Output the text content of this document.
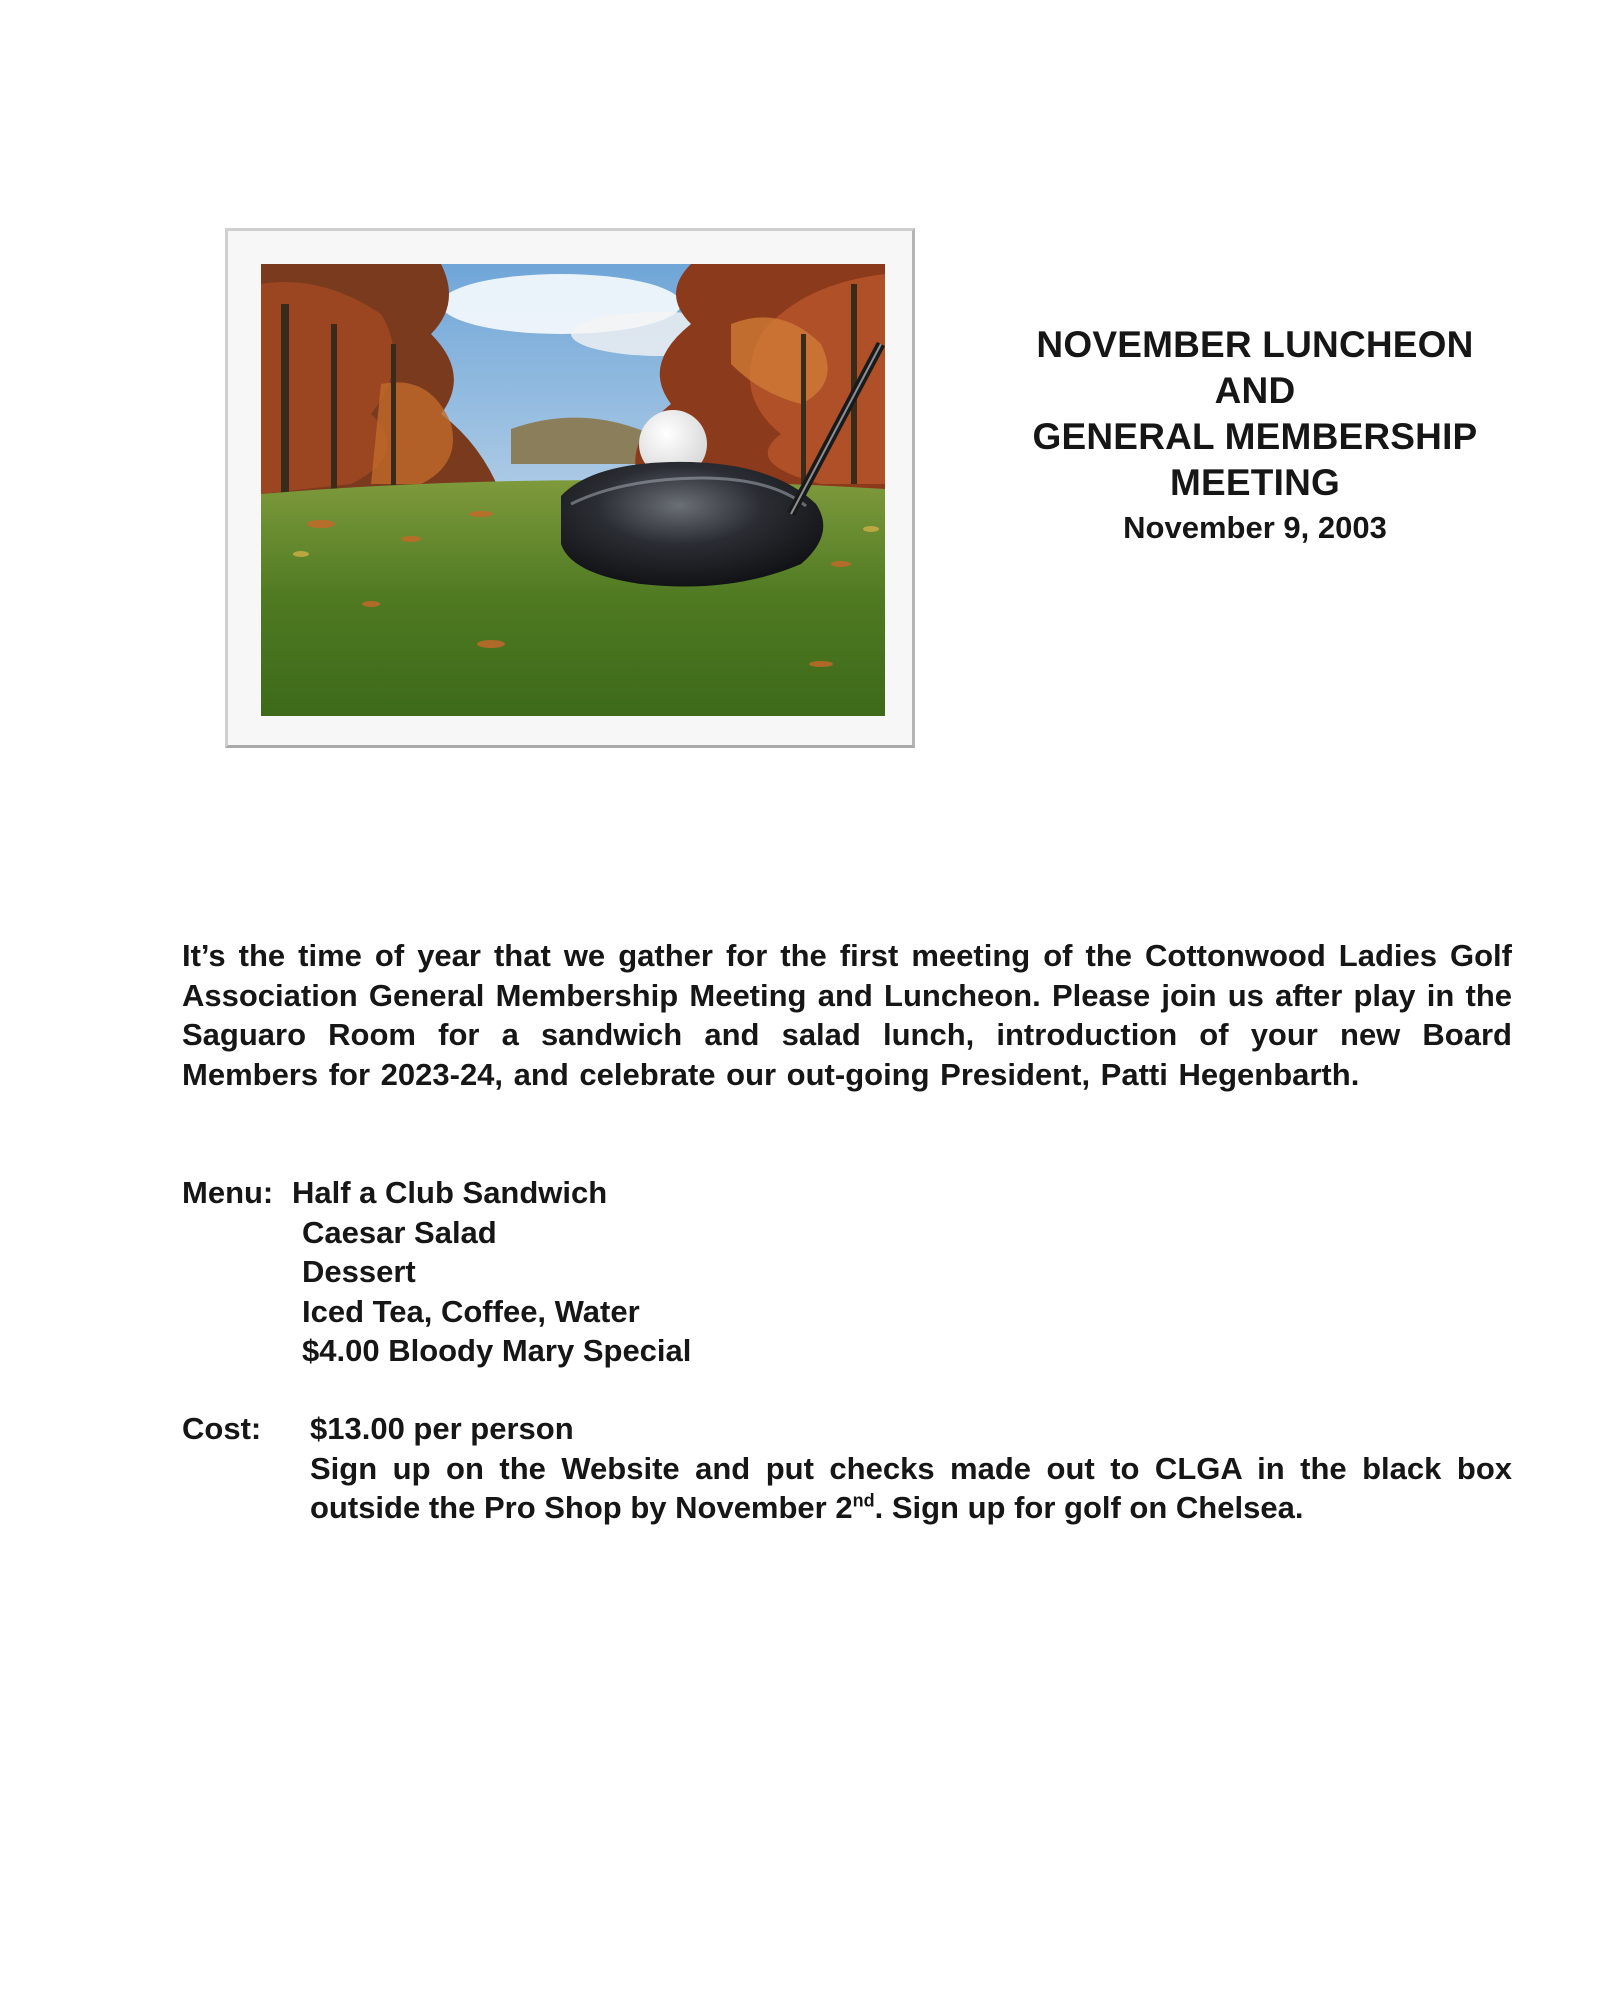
NOVEMBER LUNCHEON
AND
GENERAL MEMBERSHIP
MEETING
November 9, 2003
It’s the time of year that we gather for the first meeting of the Cottonwood Ladies Golf Association General Membership Meeting and Luncheon. Please join us after play in the Saguaro Room for a sandwich and salad lunch, introduction of your new Board Members for 2023-24, and celebrate our out-going President, Patti Hegenbarth.
Menu: Half a Club Sandwich
Caesar Salad
Dessert
Iced Tea, Coffee, Water
$4.00 Bloody Mary Special
Cost: $13.00 per person
Sign up on the Website and put checks made out to CLGA in the black box outside the Pro Shop by November 2nd. Sign up for golf on Chelsea.
